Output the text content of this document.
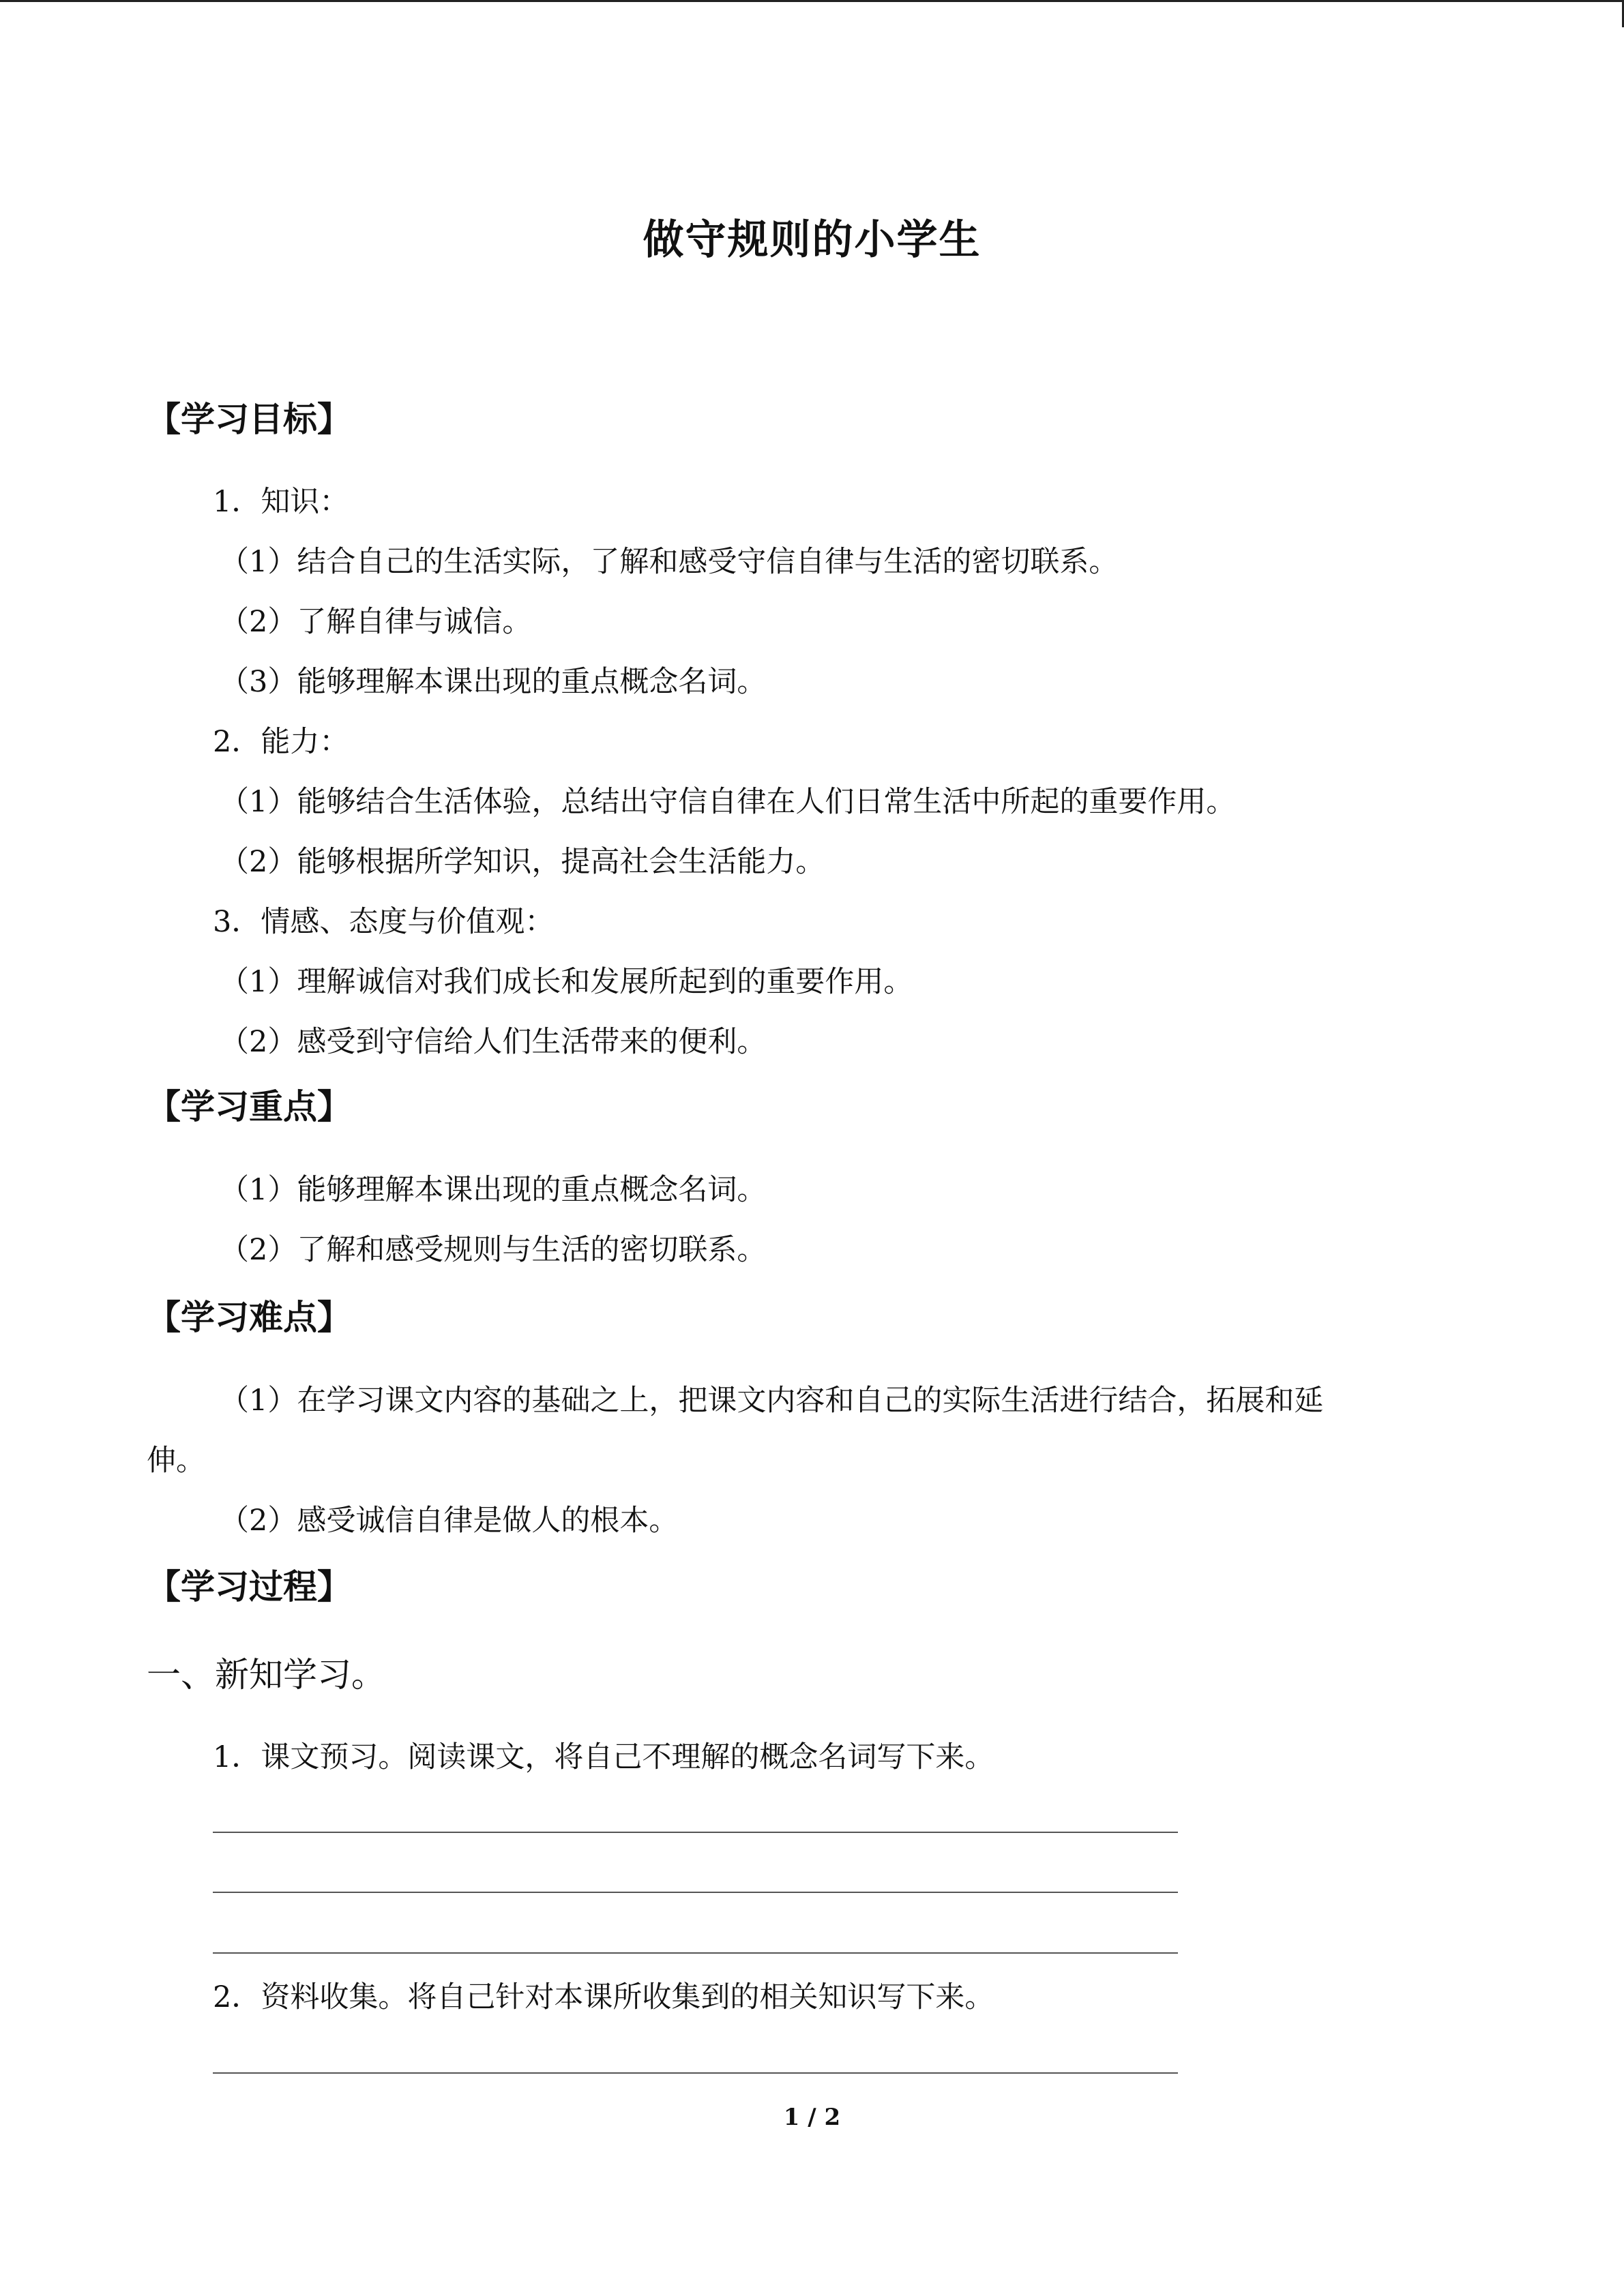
做守规则的小学生
【学习目标】
1．知识：
（1）结合自己的生活实际，了解和感受守信自律与生活的密切联系。
（2）了解自律与诚信。
（3）能够理解本课出现的重点概念名词。
2．能力：
（1）能够结合生活体验，总结出守信自律在人们日常生活中所起的重要作用。
（2）能够根据所学知识，提高社会生活能力。
3．情感、态度与价值观：
（1）理解诚信对我们成长和发展所起到的重要作用。
（2）感受到守信给人们生活带来的便利。
【学习重点】
（1）能够理解本课出现的重点概念名词。
（2）了解和感受规则与生活的密切联系。
【学习难点】
（1）在学习课文内容的基础之上，把课文内容和自己的实际生活进行结合，拓展和延
伸。
（2）感受诚信自律是做人的根本。
【学习过程】
一、新知学习。
1．课文预习。阅读课文，将自己不理解的概念名词写下来。
2．资料收集。将自己针对本课所收集到的相关知识写下来。
1 / 2
